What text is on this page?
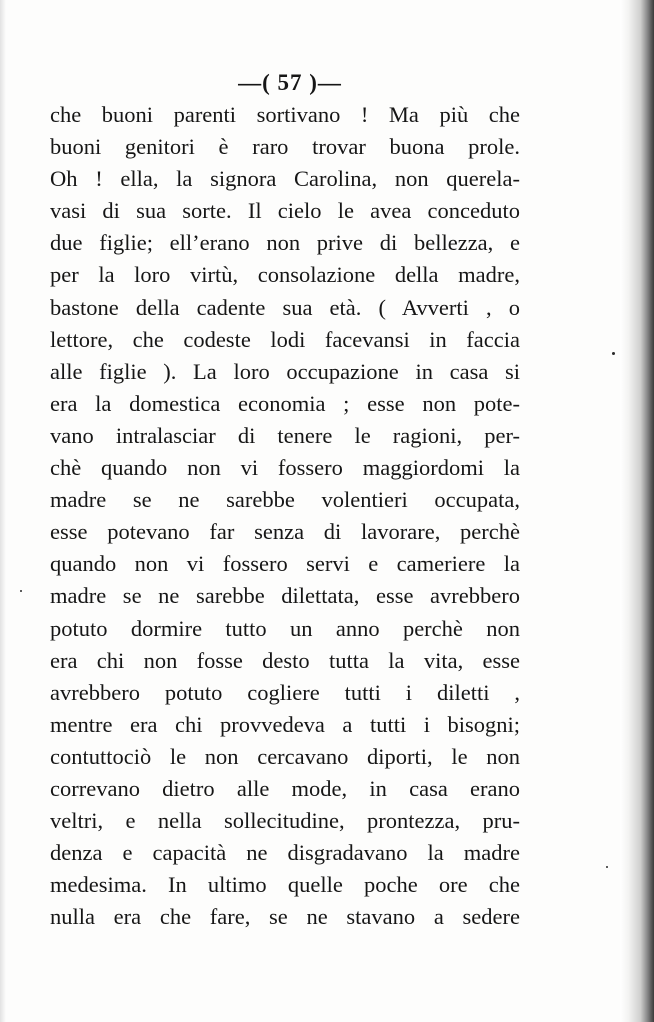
—( 57 )—
che buoni parenti sortivano ! Ma più che
buoni genitori è raro trovar buona prole.
Oh ! ella, la signora Carolina, non querela-
vasi di sua sorte. Il cielo le avea conceduto
due figlie; ell’erano non prive di bellezza, e
per la loro virtù, consolazione della madre,
bastone della cadente sua età. ( Avverti , o
lettore, che codeste lodi facevansi in faccia
alle figlie ). La loro occupazione in casa si
era la domestica economia ; esse non pote-
vano intralasciar di tenere le ragioni, per-
chè quando non vi fossero maggiordomi la
madre se ne sarebbe volentieri occupata,
esse potevano far senza di lavorare, perchè
quando non vi fossero servi e cameriere la
madre se ne sarebbe dilettata, esse avrebbero
potuto dormire tutto un anno perchè non
era chi non fosse desto tutta la vita, esse
avrebbero potuto cogliere tutti i diletti ,
mentre era chi provvedeva a tutti i bisogni;
contuttociò le non cercavano diporti, le non
correvano dietro alle mode, in casa erano
veltri, e nella sollecitudine, prontezza, pru-
denza e capacità ne disgradavano la madre
medesima. In ultimo quelle poche ore che
nulla era che fare, se ne stavano a sedere
